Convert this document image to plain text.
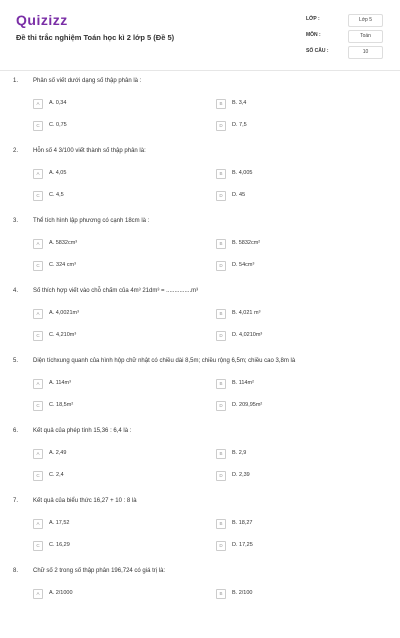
Quizizz
Đề thi trắc nghiệm Toán học kì 2 lớp 5 (Đề 5)
LỚP :	Lớp 5
MÔN :	Toán
SỐ CÂU :	10
1. Phân số viết dưới dạng số thập phân là :
A	A. 0,34	B	B. 3,4
C	C. 0,75	D	D. 7,5
2. Hỗn số 4 3/100 viết thành số thập phân là:
A	A. 4,05	B	B. 4,005
C	C. 4,5	D	D. 45
3. Thể tích hình lập phương có cạnh 18cm là :
A	A. 5832cm³	B	B. 5832cm²
C	C. 324 cm³	D	D. 54cm³
4. Số thích hợp viết vào chỗ chấm của 4m³ 21dm³ = ...............m³
A	A. 4,0021m³	B	B. 4,021 m³
C	C. 4,210m³	D	D. 4,0210m³
5. Diện tíchxung quanh của hình hộp chữ nhật có chiều dài 8,5m; chiều rộng 6,5m; chiều cao 3,8m là
A	A. 114m³	B	B. 114m²
C	C. 18,5m²	D	D. 209,95m²
6. Kết quả của phép tính 15,36 : 6,4 là :
A	A. 2,49	B	B. 2,9
C	C. 2,4	D	D. 2,39
7. Kết quả của biểu thức 16,27 + 10 : 8 là
A	A. 17,52	B	B. 18,27
C	C. 16,29	D	D. 17,25
8. Chữ số 2 trong số thập phân 196,724 có giá trị là:
A	A. 2/1000	B	B. 2/100
